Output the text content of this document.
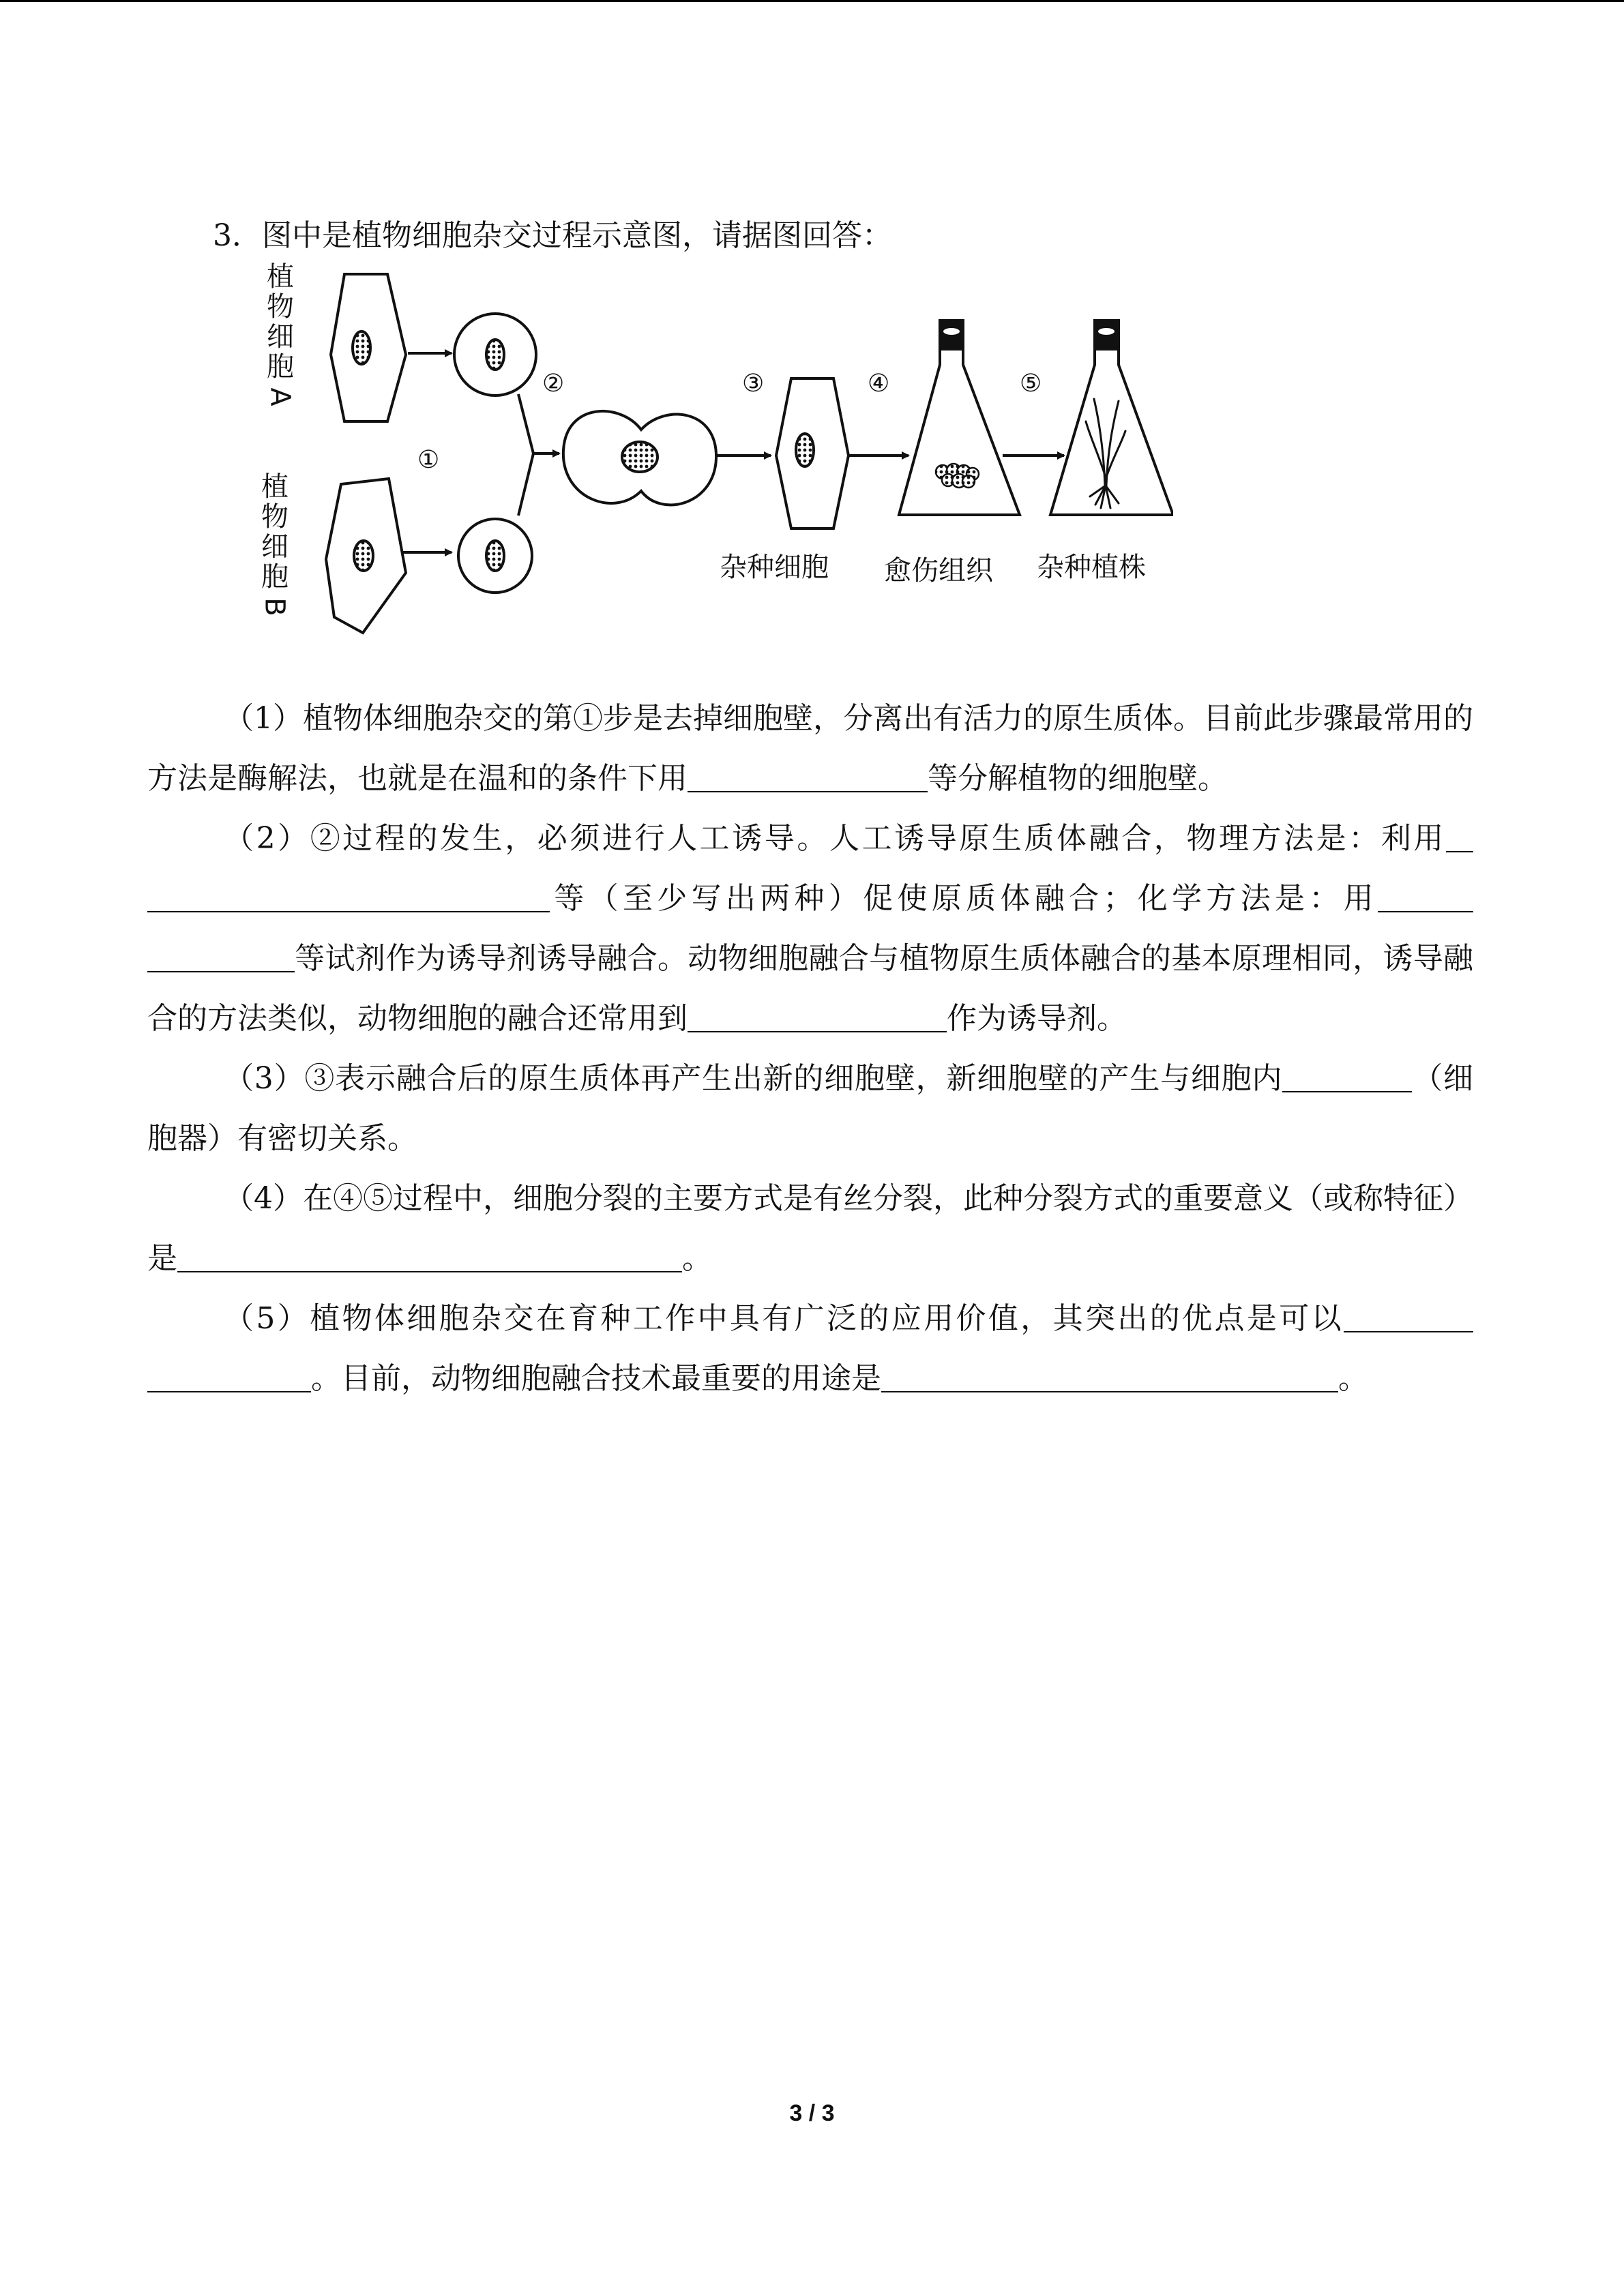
3．图中是植物细胞杂交过程示意图，请据图回答：
植物细胞
A
植物细胞
B
①
②	③	④	⑤
杂种细胞 愈伤组织 杂种植株

（1）植物体细胞杂交的第①步是去掉细胞壁，分离出有活力的原生质体。目前此步骤最常用的方法是酶解法，也就是在温和的条件下用	等分解植物的细胞壁。

（2）②过程的发生，必须进行人工诱导。人工诱导原生质体融合，物理方法是：利用等（至少写出两种）促使原质体融合；化学方法是：用等试剂作为诱导剂诱导融合。动物细胞融合与植物原生质体融合的基本原理相同，诱导融合的方法类似，动物细胞的融合还常用到	作为诱导剂。

（3）③表示融合后的原生质体再产生出新的细胞壁，新细胞壁的产生与细胞内	（细胞器）有密切关系。

（4）在④⑤过程中，细胞分裂的主要方式是有丝分裂，此种分裂方式的重要意义（或称特征）是	。

（5）植物体细胞杂交在育种工作中具有广泛的应用价值，其突出的优点是可以。目前，动物细胞融合技术最重要的用途是	。

3 / 3
